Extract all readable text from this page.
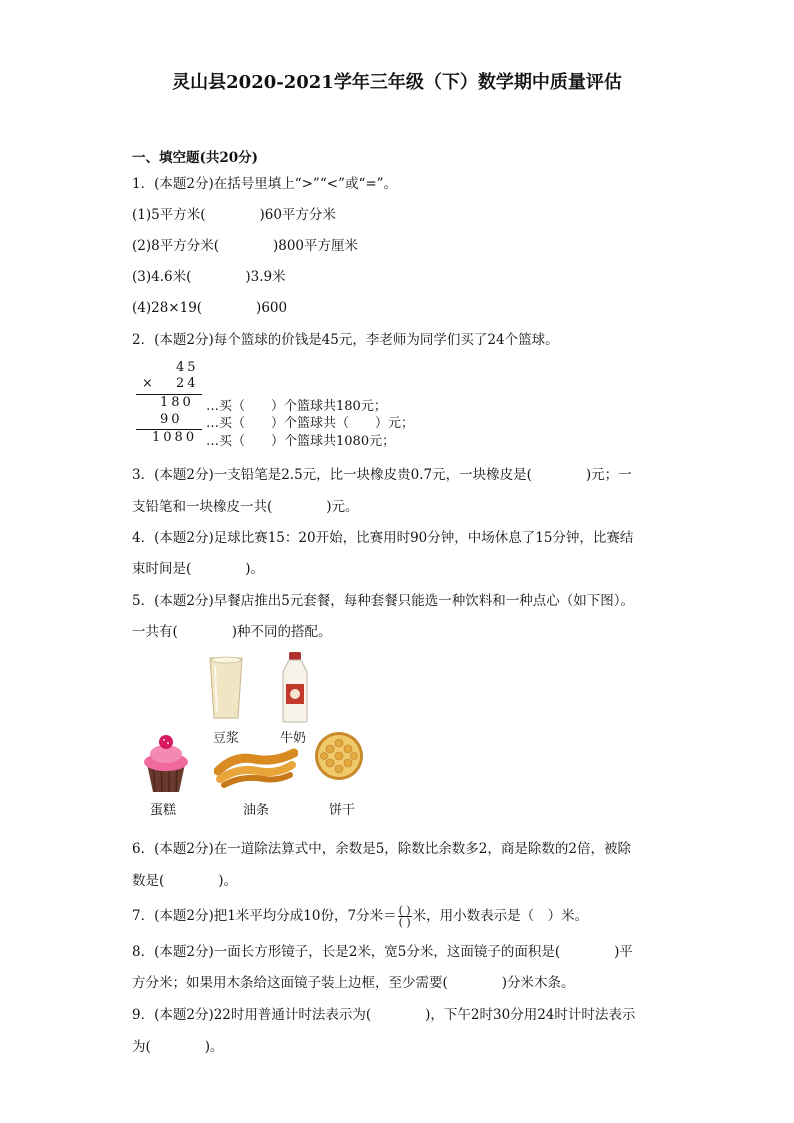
灵山县2020-2021学年三年级（下）数学期中质量评估
一、填空题(共20分)
1．(本题2分)在括号里填上“>”“<”或“=”。
(1)5平方米(　　　　)60平方分米
(2)8平方分米(　　　　)800平方厘米
(3)4.6米(　　　　)3.9米
(4)28×19(　　　　)600
2．(本题2分)每个篮球的价钱是45元，李老师为同学们买了24个篮球。
45
× 24
180 …买（　　）个篮球共180元；
90 …买（　　）个篮球共（　　）元；
1080 …买（　　）个篮球共1080元；
3．(本题2分)一支铅笔是2.5元，比一块橡皮贵0.7元，一块橡皮是(　　　　)元；一
支铅笔和一块橡皮一共(　　　　)元。
4．(本题2分)足球比赛15：20开始，比赛用时90分钟，中场休息了15分钟，比赛结
束时间是(　　　　)。
5．(本题2分)早餐店推出5元套餐，每种套餐只能选一种饮料和一种点心（如下图）。
一共有(　　　　)种不同的搭配。
豆浆	牛奶
蛋糕	油条	饼干
6．(本题2分)在一道除法算式中，余数是5，除数比余数多2，商是除数的2倍，被除
数是(　　　　)。
7．(本题2分)把1米平均分成10份，7分米＝ $\frac{( )}{( )}$ 米，用小数表示是（　）米。
8．(本题2分)一面长方形镜子，长是2米，宽5分米，这面镜子的面积是(　　　　)平
方分米；如果用木条给这面镜子装上边框，至少需要(　　　　)分米木条。
9．(本题2分)22时用普通计时法表示为(　　　　)，下午2时30分用24时计时法表示
为(　　　　)。
